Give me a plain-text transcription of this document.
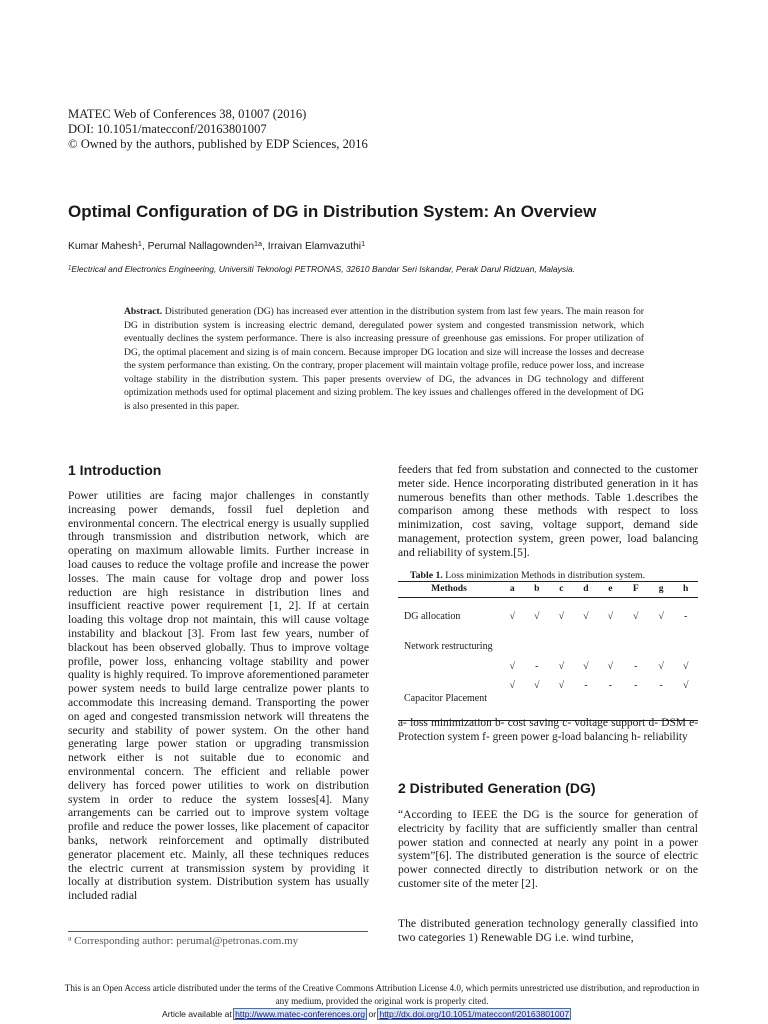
MATEC Web of Conferences 38, 01007 (2016)
DOI: 10.1051/matecconf/20163801007
© Owned by the authors, published by EDP Sciences, 2016
Optimal Configuration of DG in Distribution System: An Overview
Kumar Mahesh$^1$, Perumal Nallagownden$^{1a}$, Irraivan Elamvazuthi$^1$
$^1$Electrical and Electronics Engineering, Universiti Teknologi PETRONAS, 32610 Bandar Seri Iskandar, Perak Darul Ridzuan, Malaysia.
Abstract. Distributed generation (DG) has increased ever attention in the distribution system from last few years. The main reason for DG in distribution system is increasing electric demand, deregulated power system and congested transmission network, which eventually declines the system performance. There is also increasing pressure of greenhouse gas emissions. For proper utilization of DG, the optimal placement and sizing is of main concern. Because improper DG location and size will increase the losses and decrease the system performance than existing. On the contrary, proper placement will maintain voltage profile, reduce power loss, and increase voltage stability in the distribution system. This paper presents overview of DG, the advances in DG technology and different optimization methods used for optimal placement and sizing problem. The key issues and challenges offered in the development of DG is also presented in this paper.
1 Introduction

Power utilities are facing major challenges in constantly increasing power demands, fossil fuel depletion and environmental concern. The electrical energy is usually supplied through transmission and distribution network, which are operating on maximum allowable limits. Further increase in load causes to reduce the voltage profile and increase the power losses. The main cause for voltage drop and power loss reduction are high resistance in distribution lines and insufficient reactive power requirement [1, 2]. If at certain loading this voltage drop not maintain, this will cause voltage instability and blackout [3]. From last few years, number of blackout has been observed globally. Thus to improve voltage profile, power loss, enhancing voltage stability and power quality is highly required. To improve aforementioned parameter power system needs to build large centralize power plants to accommodate this increasing demand. Transporting the power on aged and congested transmission network will threatens the security and stability of power system. On the other hand generating large power station or upgrading transmission network either is not suitable due to economic and environmental concern. The efficient and reliable power delivery has forced power utilities to work on distribution system in order to reduce the system losses[4]. Many arrangements can be carried out to improve system voltage profile and reduce the power losses, like placement of capacitor banks, network reinforcement and optimally distributed generator placement etc. Mainly, all these techniques reduces the electric current at transmission system by providing it locally at distribution system. Distribution system has usually included radial

feeders that fed from substation and connected to the customer meter side. Hence incorporating distributed generation in it has numerous benefits than other methods. Table 1.describes the comparison among these methods with respect to loss minimization, cost saving, voltage support, demand side management, protection system, green power, load balancing and reliability of system.[5].

Table 1. Loss minimization Methods in distribution system.
Methods	a	b	c	d	e	F	g	h
DG allocation	√	√	√	√	√	√	√	-
Network restructuring	√	-	√	√	√	-	√	√
Capacitor Placement	√	√	√	-	-	-	-	√
a- loss minimization b- cost saving c- voltage support d- DSM e-Protection system f- green power g-load balancing h- reliability
2 Distributed Generation (DG)

“According to IEEE the DG is the source for generation of electricity by facility that are sufficiently smaller than central power station and connected at nearly any point in a power system”[6]. The distributed generation is the source of electric power connected directly to distribution network or on the customer site of the meter [2].

The distributed generation technology generally classified into two categories 1) Renewable DG i.e. wind turbine,

$^a$ Corresponding author: perumal@petronas.com.my
This is an Open Access article distributed under the terms of the Creative Commons Attribution License 4.0, which permits unrestricted use distribution, and reproduction in any medium, provided the original work is properly cited.
Article available at http://www.matec-conferences.org or http://dx.doi.org/10.1051/matecconf/20163801007
